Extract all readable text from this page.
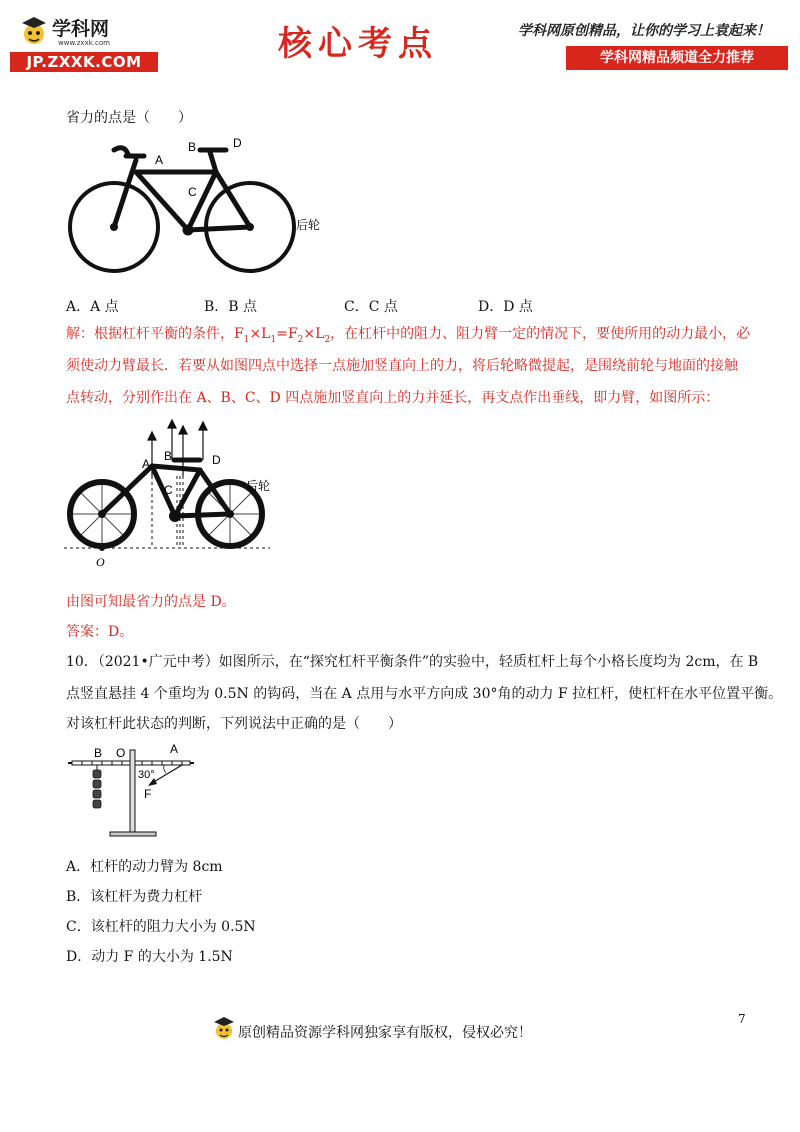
学科网
www.zxxk.com
JP.ZXXK.COM	核心考点	学科网原创精品，让你的学习上袁起来！
学科网精品频道全力推荐
省力的点是（　　）
A
B
C
D
后轮
A．A 点	B．B 点	C．C 点	D．D 点
解：根据杠杆平衡的条件，$F_1\times L_1=F_2\times L_2$，在杠杆中的阻力、阻力臂一定的情况下，要使所用的动力最小，必
须使动力臂最长．若要从如图四点中选择一点施加竖直向上的力，将后轮略微提起，是围绕前轮与地面的接触
点转动，分别作出在 A、B、C、D 四点施加竖直向上的力并延长，再支点作出垂线，即力臂，如图所示：
A
B
C
D
后轮
O
由图可知最省力的点是 D。
答案：D。
10．（2021•广元中考）如图所示，在“探究杠杆平衡条件”的实验中，轻质杠杆上每个小格长度均为 2cm，在 B
点竖直悬挂 4 个重均为 0.5N 的钩码，当在 A 点用与水平方向成 30°角的动力 F 拉杠杆，使杠杆在水平位置平衡。
对该杠杆此状态的判断，下列说法中正确的是（　　）
B O	A
30°
F
A．杠杆的动力臂为 8cm
B．该杠杆为费力杠杆
C．该杠杆的阻力大小为 0.5N
D．动力 F 的大小为 1.5N
7
原创精品资源学科网独家享有版权，侵权必究！
